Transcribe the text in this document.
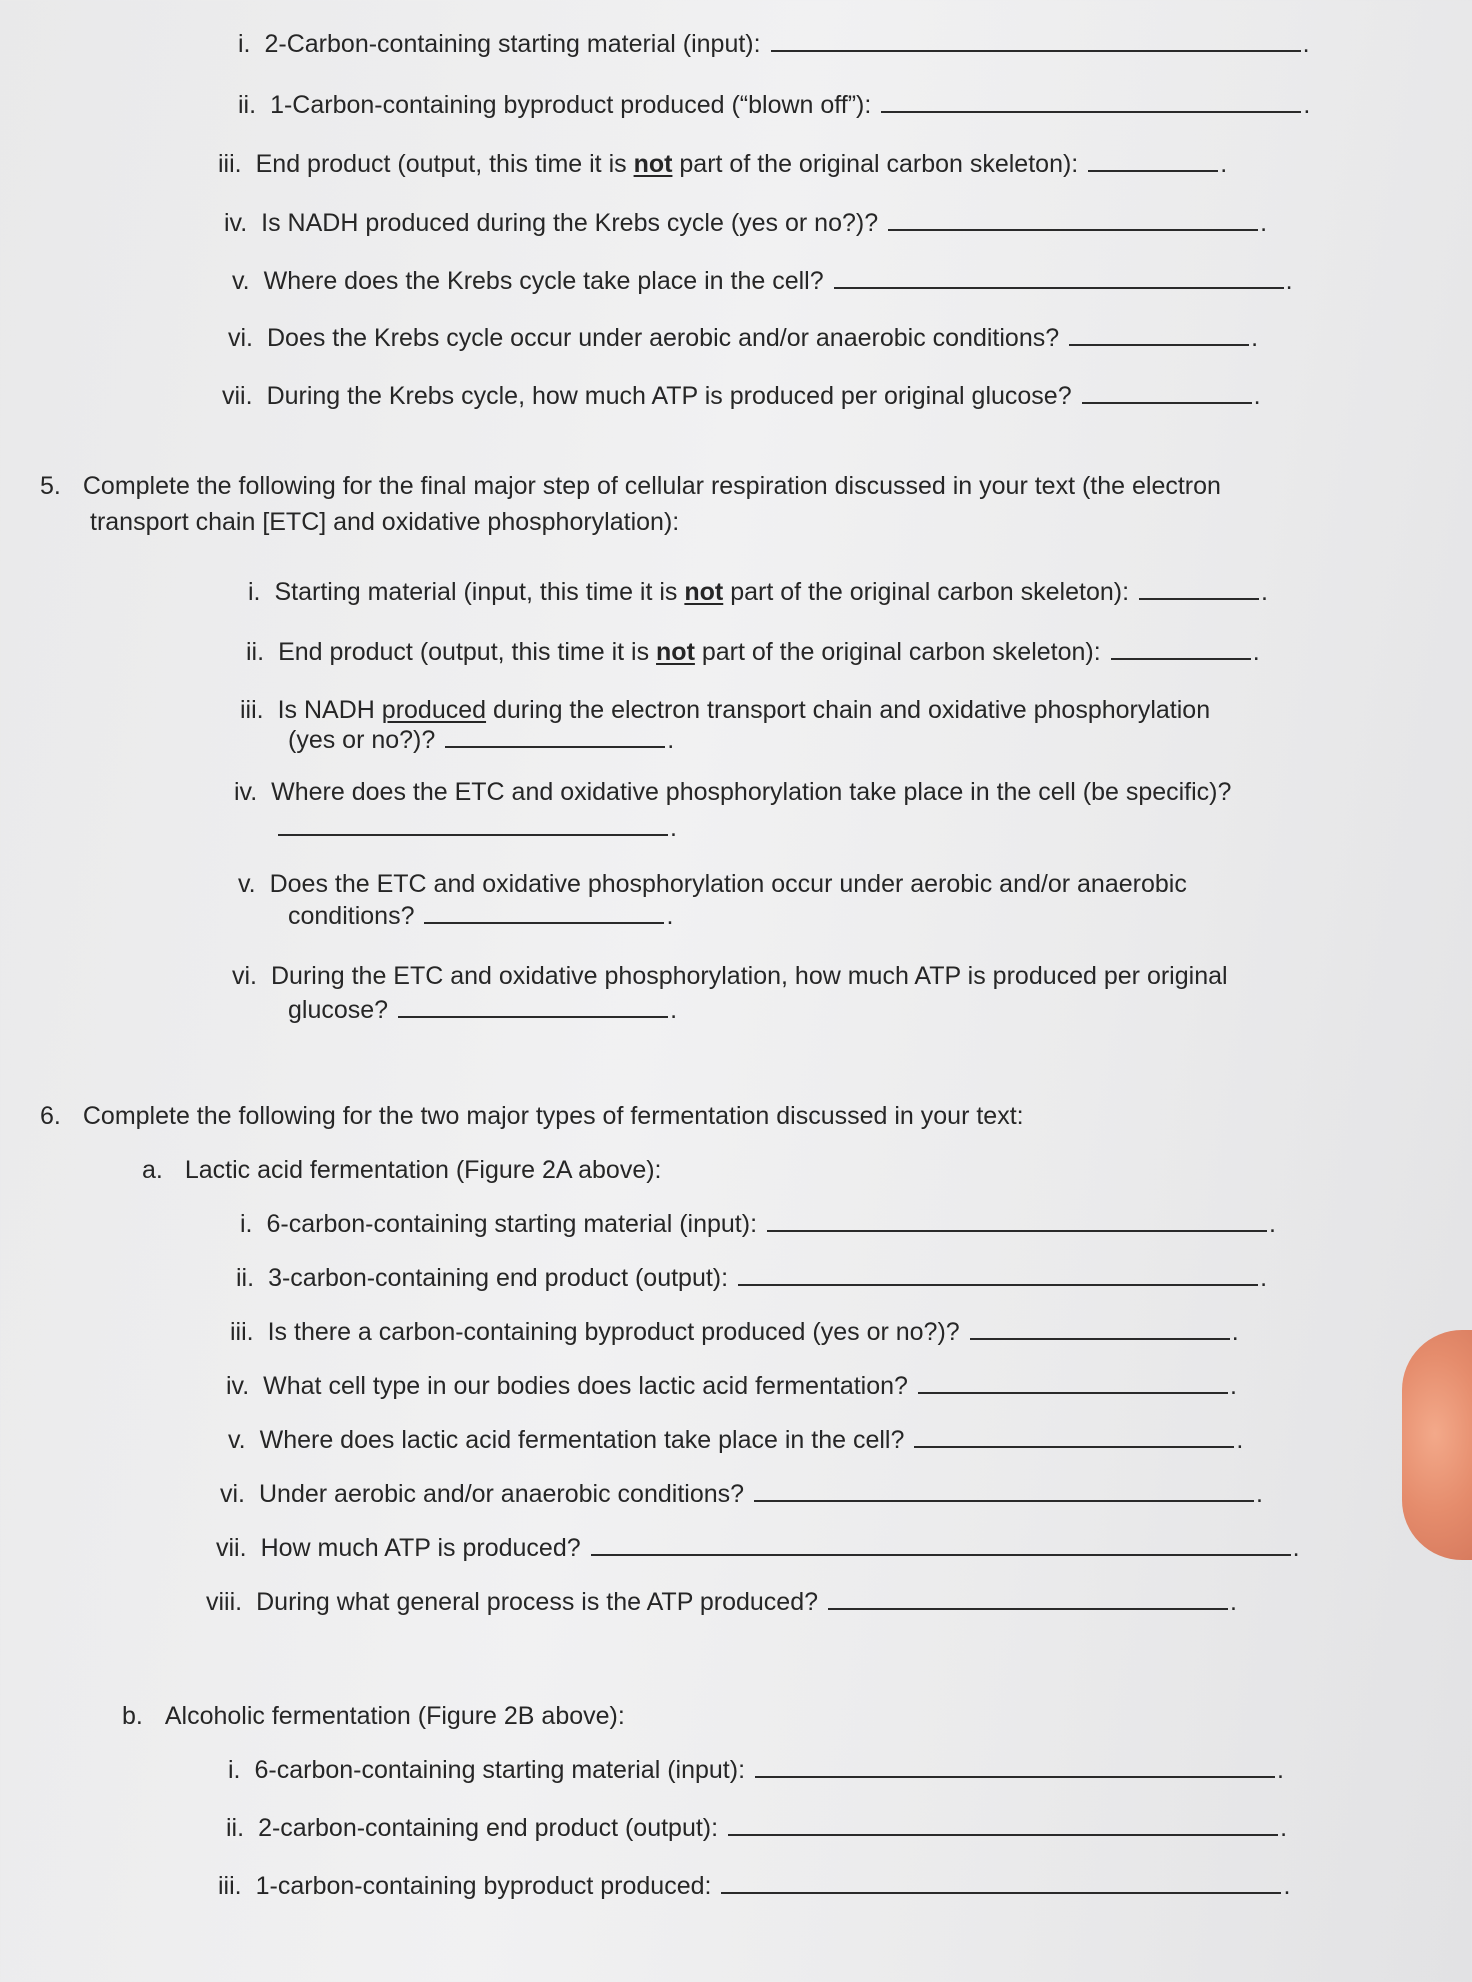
i. 2-Carbon-containing starting material (input):	.
ii. 1-Carbon-containing byproduct produced (“blown off”):	.
iii. End product (output, this time it is not part of the original carbon skeleton):	.
iv. Is NADH produced during the Krebs cycle (yes or no?)?	.
v. Where does the Krebs cycle take place in the cell?	.
vi. Does the Krebs cycle occur under aerobic and/or anaerobic conditions?	.
vii. During the Krebs cycle, how much ATP is produced per original glucose?	.
5. Complete the following for the final major step of cellular respiration discussed in your text (the electron
transport chain [ETC] and oxidative phosphorylation):
i. Starting material (input, this time it is not part of the original carbon skeleton):	.
ii. End product (output, this time it is not part of the original carbon skeleton):	.
iii. Is NADH produced during the electron transport chain and oxidative phosphorylation
(yes or no?)?	.
iv. Where does the ETC and oxidative phosphorylation take place in the cell (be specific)?
.
v. Does the ETC and oxidative phosphorylation occur under aerobic and/or anaerobic
conditions?	.
vi. During the ETC and oxidative phosphorylation, how much ATP is produced per original
glucose?	.
6. Complete the following for the two major types of fermentation discussed in your text:
a. Lactic acid fermentation (Figure 2A above):
i. 6-carbon-containing starting material (input):	.
ii. 3-carbon-containing end product (output):	.
iii. Is there a carbon-containing byproduct produced (yes or no?)?	.
iv. What cell type in our bodies does lactic acid fermentation?	.
v. Where does lactic acid fermentation take place in the cell?	.
vi. Under aerobic and/or anaerobic conditions?	.
vii. How much ATP is produced?	.
viii. During what general process is the ATP produced?	.
b. Alcoholic fermentation (Figure 2B above):
i. 6-carbon-containing starting material (input):	.
ii. 2-carbon-containing end product (output):	.
iii. 1-carbon-containing byproduct produced:	.
